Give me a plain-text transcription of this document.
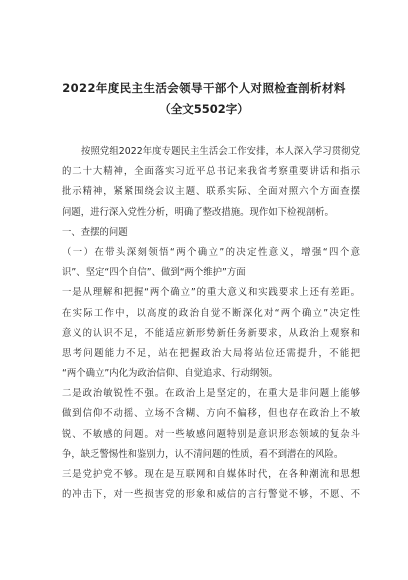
2022年度民主生活会领导干部个人对照检查剖析材料
（全文5502字）
按照党组2022年度专题民主生活会工作安排，本人深入学习贯彻党
的二十大精神，全面落实习近平总书记来我省考察重要讲话和指示
批示精神，紧紧围绕会议主题、联系实际、全面对照六个方面查摆
问题，进行深入党性分析，明确了整改措施。现作如下检视剖析。
一、查摆的问题
（一）在带头深刻领悟“两个确立”的决定性意义，增强“四个意
识”、坚定“四个自信”、做到“两个维护”方面
一是从理解和把握“两个确立”的重大意义和实践要求上还有差距。
在实际工作中，以高度的政治自觉不断深化对“两个确立”决定性
意义的认识不足，不能适应新形势新任务新要求，从政治上观察和
思考问题能力不足，站在把握政治大局将站位还需提升，不能把
“两个确立”内化为政治信仰、自觉追求、行动纲领。
二是政治敏锐性不强。在政治上是坚定的，在重大是非问题上能够
做到信仰不动摇、立场不含糊、方向不偏移，但也存在政治上不敏
锐、不敏感的问题。对一些敏感问题特别是意识形态领域的复杂斗
争，缺乏警惕性和鉴别力，认不清问题的性质，看不到潜在的风险。
三是党护党不够。现在是互联网和自媒体时代，在各种潮流和思想
的冲击下，对一些损害党的形象和威信的言行警觉不够，不愿、不
